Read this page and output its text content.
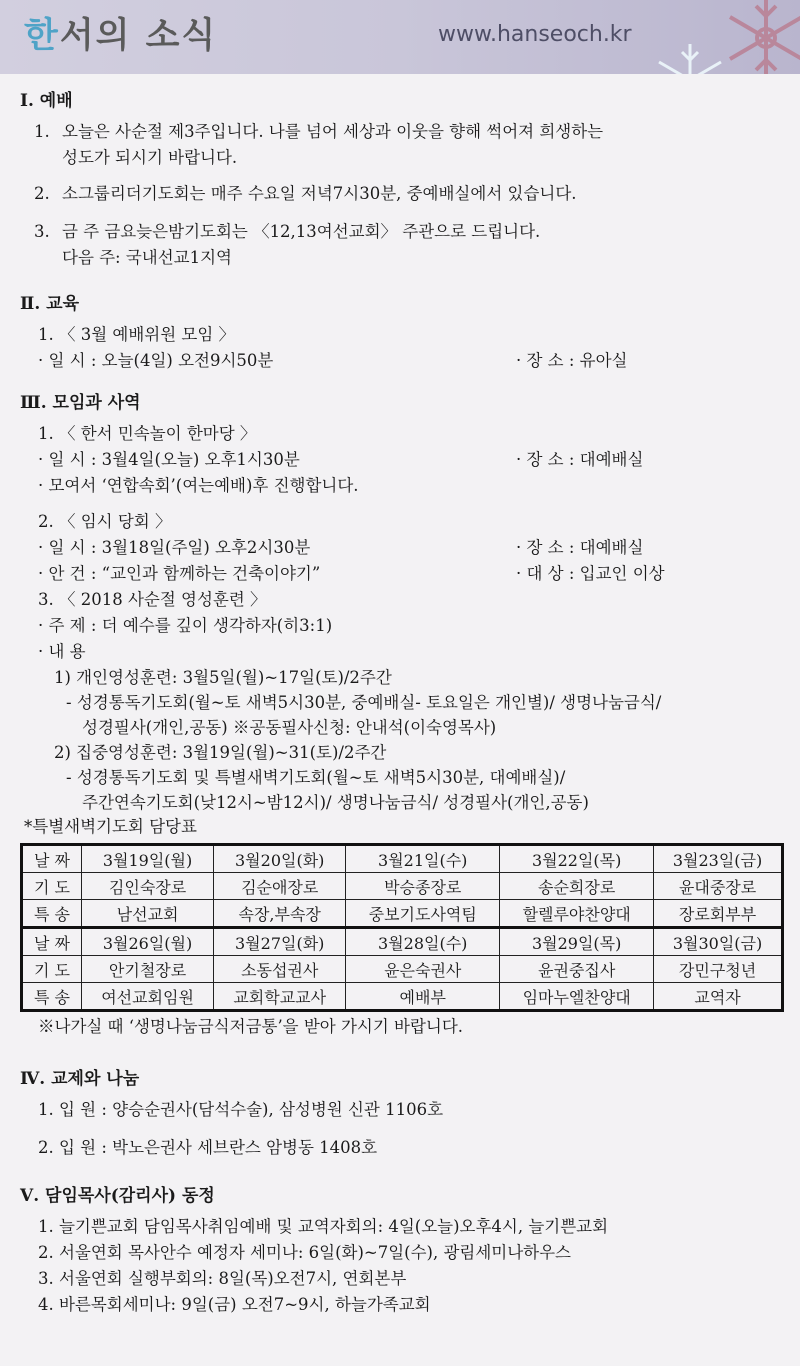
한서의 소식	www.hanseoch.kr
Ⅰ. 예배
1. 오늘은 사순절 제3주입니다. 나를 넘어 세상과 이웃을 향해 썩어져 희생하는
성도가 되시기 바랍니다.
2. 소그룹리더기도회는 매주 수요일 저녁7시30분, 중예배실에서 있습니다.
3. 금 주 금요늦은밤기도회는 〈12,13여선교회〉 주관으로 드립니다.
다음 주: 국내선교1지역
Ⅱ. 교육
1. 〈 3월 예배위원 모임 〉
· 일 시 : 오늘(4일) 오전9시50분	· 장 소 : 유아실
Ⅲ. 모임과 사역
1. 〈 한서 민속놀이 한마당 〉
· 일 시 : 3월4일(오늘) 오후1시30분	· 장 소 : 대예배실
· 모여서 ‘연합속회’(여는예배)후 진행합니다.
2. 〈 임시 당회 〉
· 일 시 : 3월18일(주일) 오후2시30분	· 장 소 : 대예배실
· 안 건 : “교인과 함께하는 건축이야기”	· 대 상 : 입교인 이상
3. 〈 2018 사순절 영성훈련 〉
· 주 제 : 더 예수를 깊이 생각하자(히3:1)
· 내 용
1) 개인영성훈련: 3월5일(월)~17일(토)/2주간
- 성경통독기도회(월~토 새벽5시30분, 중예배실- 토요일은 개인별)/ 생명나눔금식/
성경필사(개인,공동) ※공동필사신청: 안내석(이숙영목사)
2) 집중영성훈련: 3월19일(월)~31(토)/2주간
- 성경통독기도회 및 특별새벽기도회(월~토 새벽5시30분, 대예배실)/
주간연속기도회(낮12시~밤12시)/ 생명나눔금식/ 성경필사(개인,공동)
*특별새벽기도회 담당표
날 짜	3월19일(월)	3월20일(화)	3월21일(수)	3월22일(목)	3월23일(금)
기 도	김인숙장로	김순애장로	박승종장로	송순희장로	윤대중장로
특 송	남선교회	속장,부속장	중보기도사역팀	할렐루야찬양대	장로회부부
날 짜	3월26일(월)	3월27일(화)	3월28일(수)	3월29일(목)	3월30일(금)
기 도	안기철장로	소동섭권사	윤은숙권사	윤권중집사	강민구청년
특 송	여선교회임원	교회학교교사	예배부	임마누엘찬양대	교역자
※나가실 때 ‘생명나눔금식저금통’을 받아 가시기 바랍니다.
Ⅳ. 교제와 나눔
1. 입 원 : 양승순권사(담석수술), 삼성병원 신관 1106호
2. 입 원 : 박노은권사 세브란스 암병동 1408호
Ⅴ. 담임목사(감리사) 동정
1. 늘기쁜교회 담임목사취임예배 및 교역자회의: 4일(오늘)오후4시, 늘기쁜교회
2. 서울연회 목사안수 예정자 세미나: 6일(화)~7일(수), 광림세미나하우스
3. 서울연회 실행부회의: 8일(목)오전7시, 연회본부
4. 바른목회세미나: 9일(금) 오전7~9시, 하늘가족교회
